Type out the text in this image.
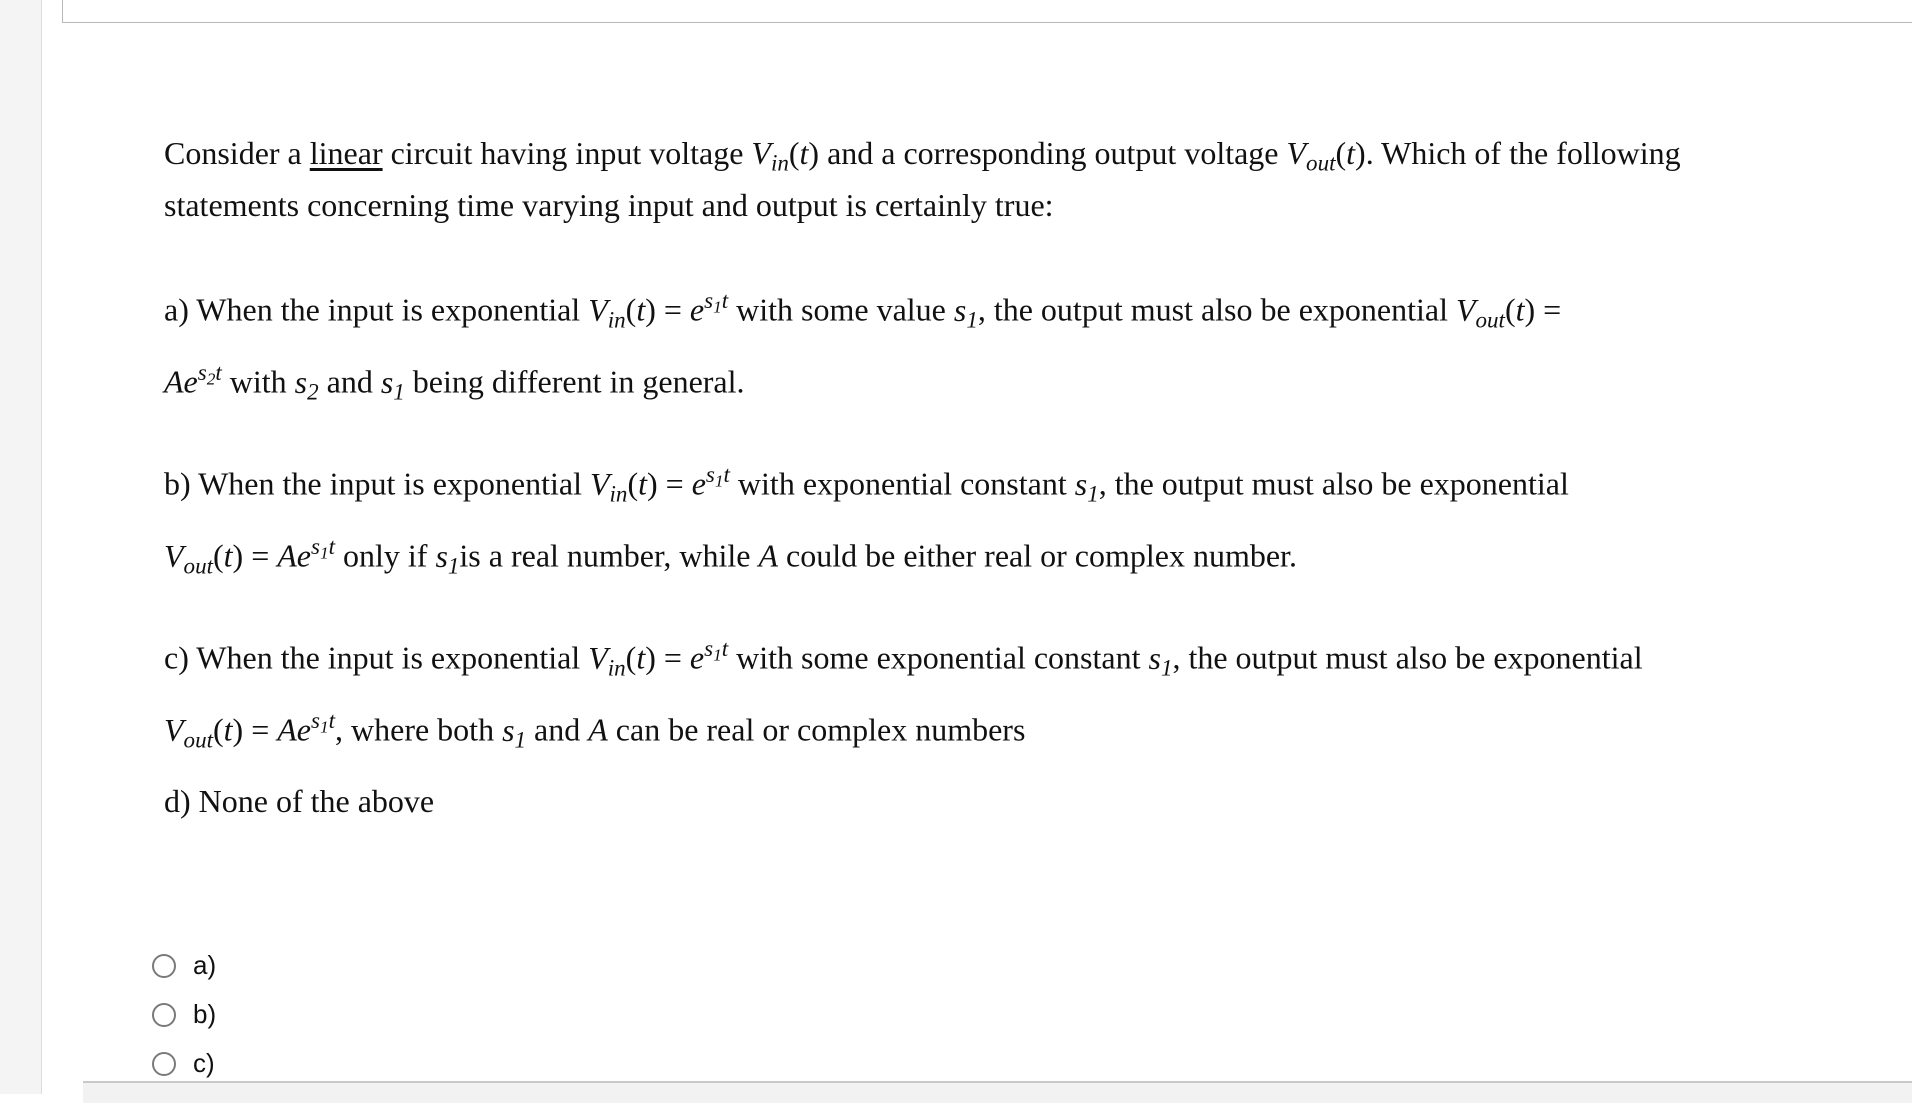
Consider a linear circuit having input voltage $V_{in}(t)$ and a corresponding output voltage $V_{out}(t)$. Which of the following
statements concerning time varying input and output is certainly true:
a) When the input is exponential $V_{in}(t) = e^{s1t}$ with some value $s_1$, the output must also be exponential $V_{out}(t)$ =
$Ae^{s2t}$ with $s_2$ and $s_1$ being different in general.
b) When the input is exponential $V_{in}(t) = e^{s1t}$ with exponential constant $s_1$, the output must also be exponential
$V_{out}(t) = Ae^{s1t}$ only if $s_1is$ a real number, while A could be either real or complex number.
c) When the input is exponential $V_{in}(t) = e^{s1t}$ with some exponential constant $s_1$, the output must also be exponential
$V_{out}(t) = Ae^{s1t}$, where both $s_1$ and A can be real or complex numbers
d) None of the above
a)
b)
c)
